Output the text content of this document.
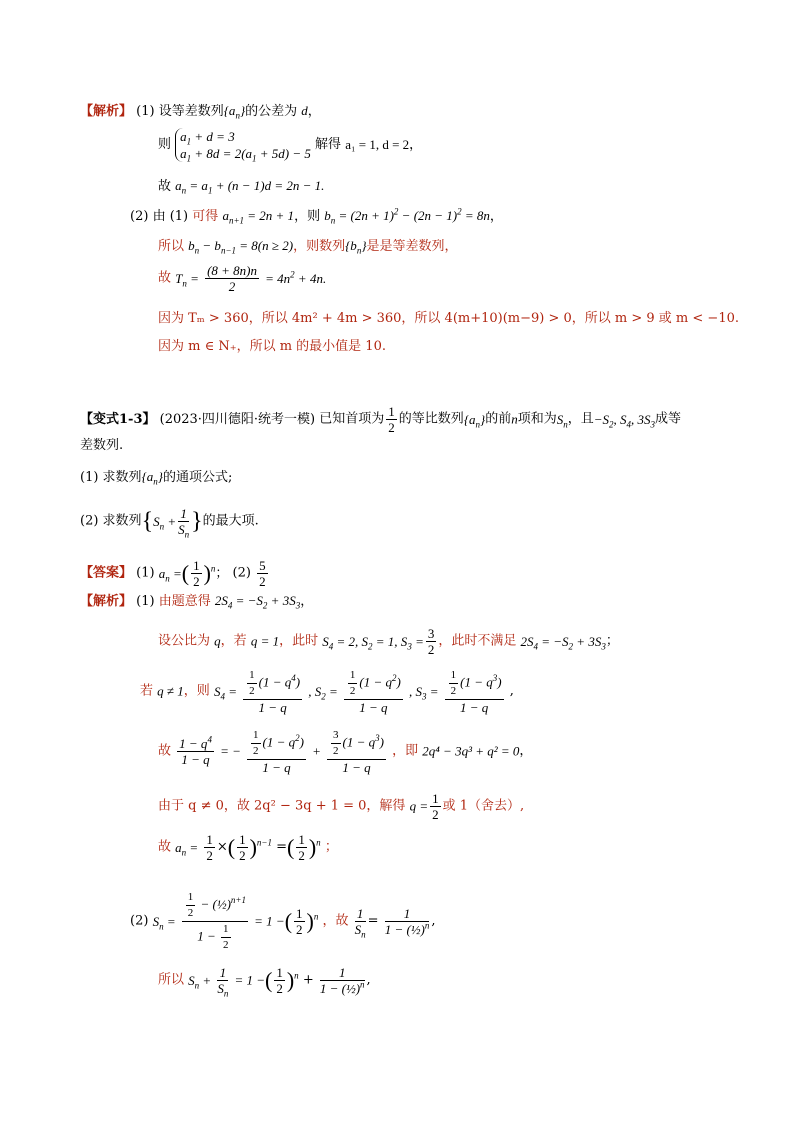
【解析】 (1) 设等差数列$\{a_n\}$的公差为 d，
则
$a_1 + d = 3$
$a_1 + 8d = 2(a_1 + 5d) - 5$
解得 a₁ = 1, d = 2，
故 $a_n = a_1 + (n - 1)d = 2n - 1$.
(2) 由 (1) 可得 $a_{n+1} = 2n + 1$，则 $b_n = (2n + 1)^2 - (2n - 1)^2 = 8n$，
所以 $b_n - b_{n-1} = 8(n \ge 2)$，则数列$\{b_n\}$是是等差数列，
故 $T_n = \frac{(8 + 8n)n}{2} = 4n^2 + 4n$.
因为 Tₘ > 360，所以 4m² + 4m > 360，所以 4(m+10)(m−9) > 0，所以 m > 9 或 m < −10.
因为 m ∈ N₊，所以 m 的最小值是 10.
【变式1-3】 (2023·四川德阳·统考一模) 已知首项为 $\frac{1}{2}$ 的等比数列$\{a_n\}$的前n项和为$S_n$，且$-S_2$, $S_4$, $3S_3$成等
差数列.
(1) 求数列$\{a_n\}$的通项公式;
(2) 求数列{$S_n + \frac{1}{S_n}$ }的最大项.
【答案】 (1) $a_n$ =( $\frac{1}{2} )^n$； $(2) \frac{5}{2}$
【解析】 (1) 由题意得 $2S_4 = -S_2 + 3S_3$，
设公比为 q，若 q = 1，此时 $S_4 = 2$, $S_2 = 1$, $S_3 = \frac{3}{2}$ ，此时不满足 $2S_4 = -S_2 + 3S_3$；
若 q ≠ 1，则 $S_4 = \frac{\frac{1}{2} (1 - q^4)}{1 - q}$ , $S_2 = \frac{\frac{1}{2} (1 - q^2)}{1 - q}$ , $S_3 = \frac{\frac{1}{2} (1 - q^3)}{1 - q}$ ,
故 $\frac{1 - q^4}{1 - q}$ = − $\frac{\frac{1}{2} (1 - q^2)}{1 - q} + \frac{\frac{3}{2} (1 - q^3)}{1 - q}$ ，即 2q⁴ − 3q³ + q² = 0，
由于 q ≠ 0，故 2q² − 3q + 1 = 0，解得 $q = \frac{1}{2}$ 或 1（舍去）,
故 $a_n = \frac{1}{2}$ ×( $\frac{1}{2} )^{n-1}$ =( $\frac{1}{2} )^n$ ；
(2) $S_n = \frac{\frac{1}{2} - (\frac{1}{2})^{n+1}}{1 - \frac{1}{2}} = 1$ −( $\frac{1}{2} )^n$ ，故 $\frac{1}{S_n} = \frac{1}{1 - (\frac{1}{2})^n}$ ,
所以 $S_n + \frac{1}{S_n} = 1$ −( $\frac{1}{2} )^n + \frac{1}{1 - (\frac{1}{2})^n}$ ,
